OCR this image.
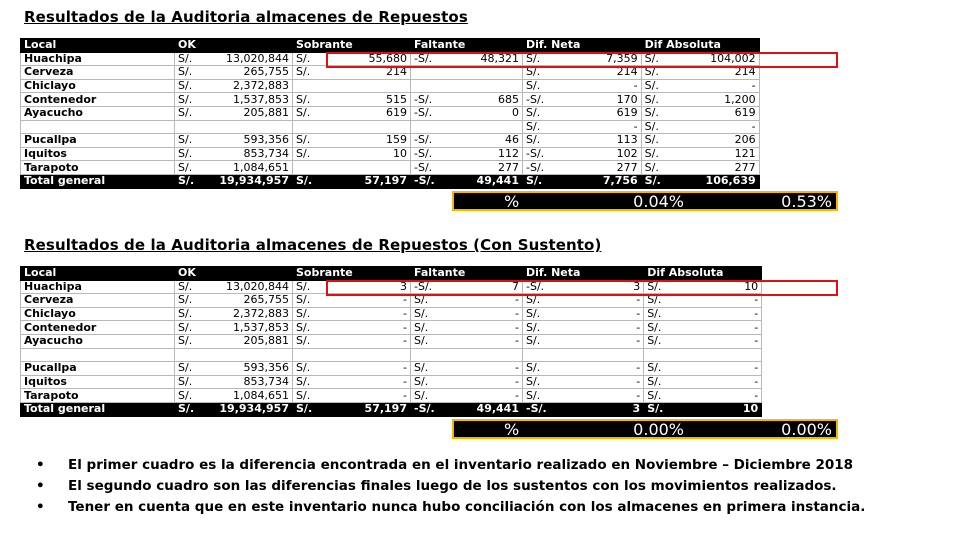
Resultados de la Auditoria almacenes de Repuestos
Local	OK		Sobrante		Faltante		Dif. Neta		Dif Absoluta	
Huachipa	S/.	13,020,844	S/.	55,680	-S/.	48,321	S/.	7,359	S/.	104,002
Cerveza	S/.	265,755	S/.	214			S/.	214	S/.	214
Chiclayo	S/.	2,372,883					S/.	-	S/.	-
Contenedor	S/.	1,537,853	S/.	515	-S/.	685	-S/.	170	S/.	1,200
Ayacucho	S/.	205,881	S/.	619	-S/.	0	S/.	619	S/.	619
							S/.	-	S/.	-
Pucallpa	S/.	593,356	S/.	159	-S/.	46	S/.	113	S/.	206
Iquitos	S/.	853,734	S/.	10	-S/.	112	-S/.	102	S/.	121
Tarapoto	S/.	1,084,651			-S/.	277	-S/.	277	S/.	277
Total general	S/.	19,934,957	S/.	57,197	-S/.	49,441	S/.	7,756	S/.	106,639
%	0.04%	0.53%
Resultados de la Auditoria almacenes de Repuestos (Con Sustento)
Local	OK		Sobrante		Faltante		Dif. Neta		Dif Absoluta	
Huachipa	S/.	13,020,844	S/.	3	-S/.	7	-S/.	3	S/.	10
Cerveza	S/.	265,755	S/.	-	S/.	-	S/.	-	S/.	-
Chiclayo	S/.	2,372,883	S/.	-	S/.	-	S/.	-	S/.	-
Contenedor	S/.	1,537,853	S/.	-	S/.	-	S/.	-	S/.	-
Ayacucho	S/.	205,881	S/.	-	S/.	-	S/.	-	S/.	-

Pucallpa	S/.	593,356	S/.	-	S/.	-	S/.	-	S/.	-
Iquitos	S/.	853,734	S/.	-	S/.	-	S/.	-	S/.	-
Tarapoto	S/.	1,084,651	S/.	-	S/.	-	S/.	-	S/.	-
Total general	S/.	19,934,957	S/.	57,197	-S/.	49,441	-S/.	3	S/.	10
%	0.00%	0.00%
• El primer cuadro es la diferencia encontrada en el inventario realizado en Noviembre – Diciembre 2018
• El segundo cuadro son las diferencias finales luego de los sustentos con los movimientos realizados.
• Tener en cuenta que en este inventario nunca hubo conciliación con los almacenes en primera instancia.
